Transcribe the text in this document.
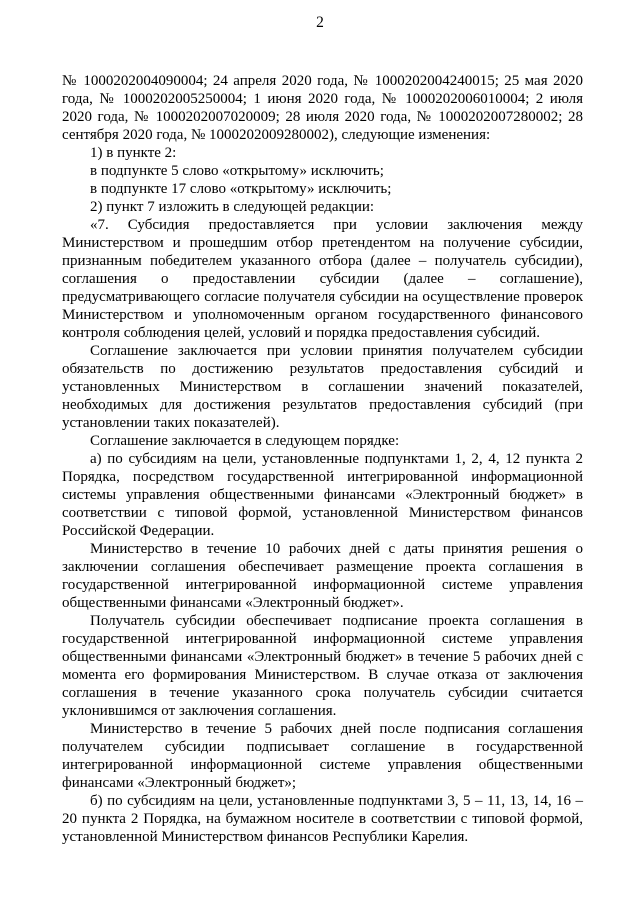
2

№ 1000202004090004; 24 апреля 2020 года, № 1000202004240015; 25 мая 2020 года, № 1000202005250004; 1 июня 2020 года, № 1000202006010004; 2 июля 2020 года, № 1000202007020009; 28 июля 2020 года, № 1000202007280002; 28 сентября 2020 года, № 1000202009280002), следующие изменения:

1) в пункте 2:

в подпункте 5 слово «открытому» исключить;

в подпункте 17 слово «открытому» исключить;

2) пункт 7 изложить в следующей редакции:

«7. Субсидия предоставляется при условии заключения между Министерством и прошедшим отбор претендентом на получение субсидии, признанным победителем указанного отбора (далее – получатель субсидии), соглашения о предоставлении субсидии (далее – соглашение), предусматривающего согласие получателя субсидии на осуществление проверок Министерством и уполномоченным органом государственного финансового контроля соблюдения целей, условий и порядка предоставления субсидий.

Соглашение заключается при условии принятия получателем субсидии обязательств по достижению результатов предоставления субсидий и установленных Министерством в соглашении значений показателей, необходимых для достижения результатов предоставления субсидий (при установлении таких показателей).

Соглашение заключается в следующем порядке:

а) по субсидиям на цели, установленные подпунктами 1, 2, 4, 12 пункта 2 Порядка, посредством государственной интегрированной информационной системы управления общественными финансами «Электронный бюджет» в соответствии с типовой формой, установленной Министерством финансов Российской Федерации.

Министерство в течение 10 рабочих дней с даты принятия решения о заключении соглашения обеспечивает размещение проекта соглашения в государственной интегрированной информационной системе управления общественными финансами «Электронный бюджет».

Получатель субсидии обеспечивает подписание проекта соглашения в государственной интегрированной информационной системе управления общественными финансами «Электронный бюджет» в течение 5 рабочих дней с момента его формирования Министерством. В случае отказа от заключения соглашения в течение указанного срока получатель субсидии считается уклонившимся от заключения соглашения.

Министерство в течение 5 рабочих дней после подписания соглашения получателем субсидии подписывает соглашение в государственной интегрированной информационной системе управления общественными финансами «Электронный бюджет»;

б) по субсидиям на цели, установленные подпунктами 3, 5 – 11, 13, 14, 16 – 20 пункта 2 Порядка, на бумажном носителе в соответствии с типовой формой, установленной Министерством финансов Республики Карелия.
